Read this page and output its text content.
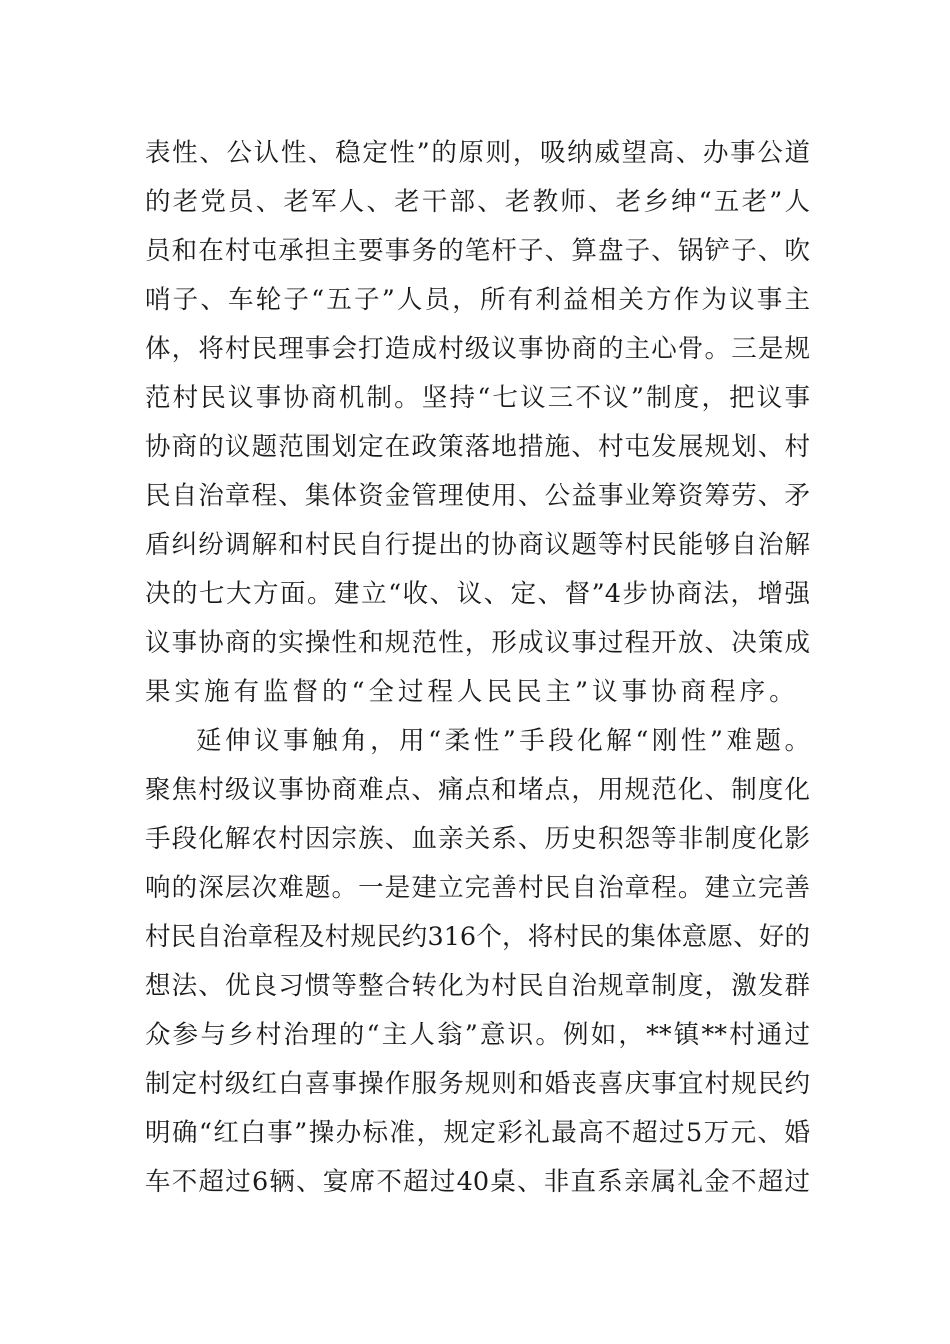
表性、公认性、稳定性”的原则，吸纳威望高、办事公道
的老党员、老军人、老干部、老教师、老乡绅“五老”人
员和在村屯承担主要事务的笔杆子、算盘子、锅铲子、吹
哨子、车轮子“五子”人员，所有利益相关方作为议事主
体，将村民理事会打造成村级议事协商的主心骨。三是规
范村民议事协商机制。坚持“七议三不议”制度，把议事
协商的议题范围划定在政策落地措施、村屯发展规划、村
民自治章程、集体资金管理使用、公益事业筹资筹劳、矛
盾纠纷调解和村民自行提出的协商议题等村民能够自治解
决的七大方面。建立“收、议、定、督”4步协商法，增强
议事协商的实操性和规范性，形成议事过程开放、决策成
果实施有监督的“全过程人民民主”议事协商程序。
延伸议事触角，用“柔性”手段化解“刚性”难题。
聚焦村级议事协商难点、痛点和堵点，用规范化、制度化
手段化解农村因宗族、血亲关系、历史积怨等非制度化影
响的深层次难题。一是建立完善村民自治章程。建立完善
村民自治章程及村规民约316个，将村民的集体意愿、好的
想法、优良习惯等整合转化为村民自治规章制度，激发群
众参与乡村治理的“主人翁”意识。例如，**镇**村通过
制定村级红白喜事操作服务规则和婚丧喜庆事宜村规民约
明确“红白事”操办标准，规定彩礼最高不超过5万元、婚
车不超过6辆、宴席不超过40桌、非直系亲属礼金不超过
